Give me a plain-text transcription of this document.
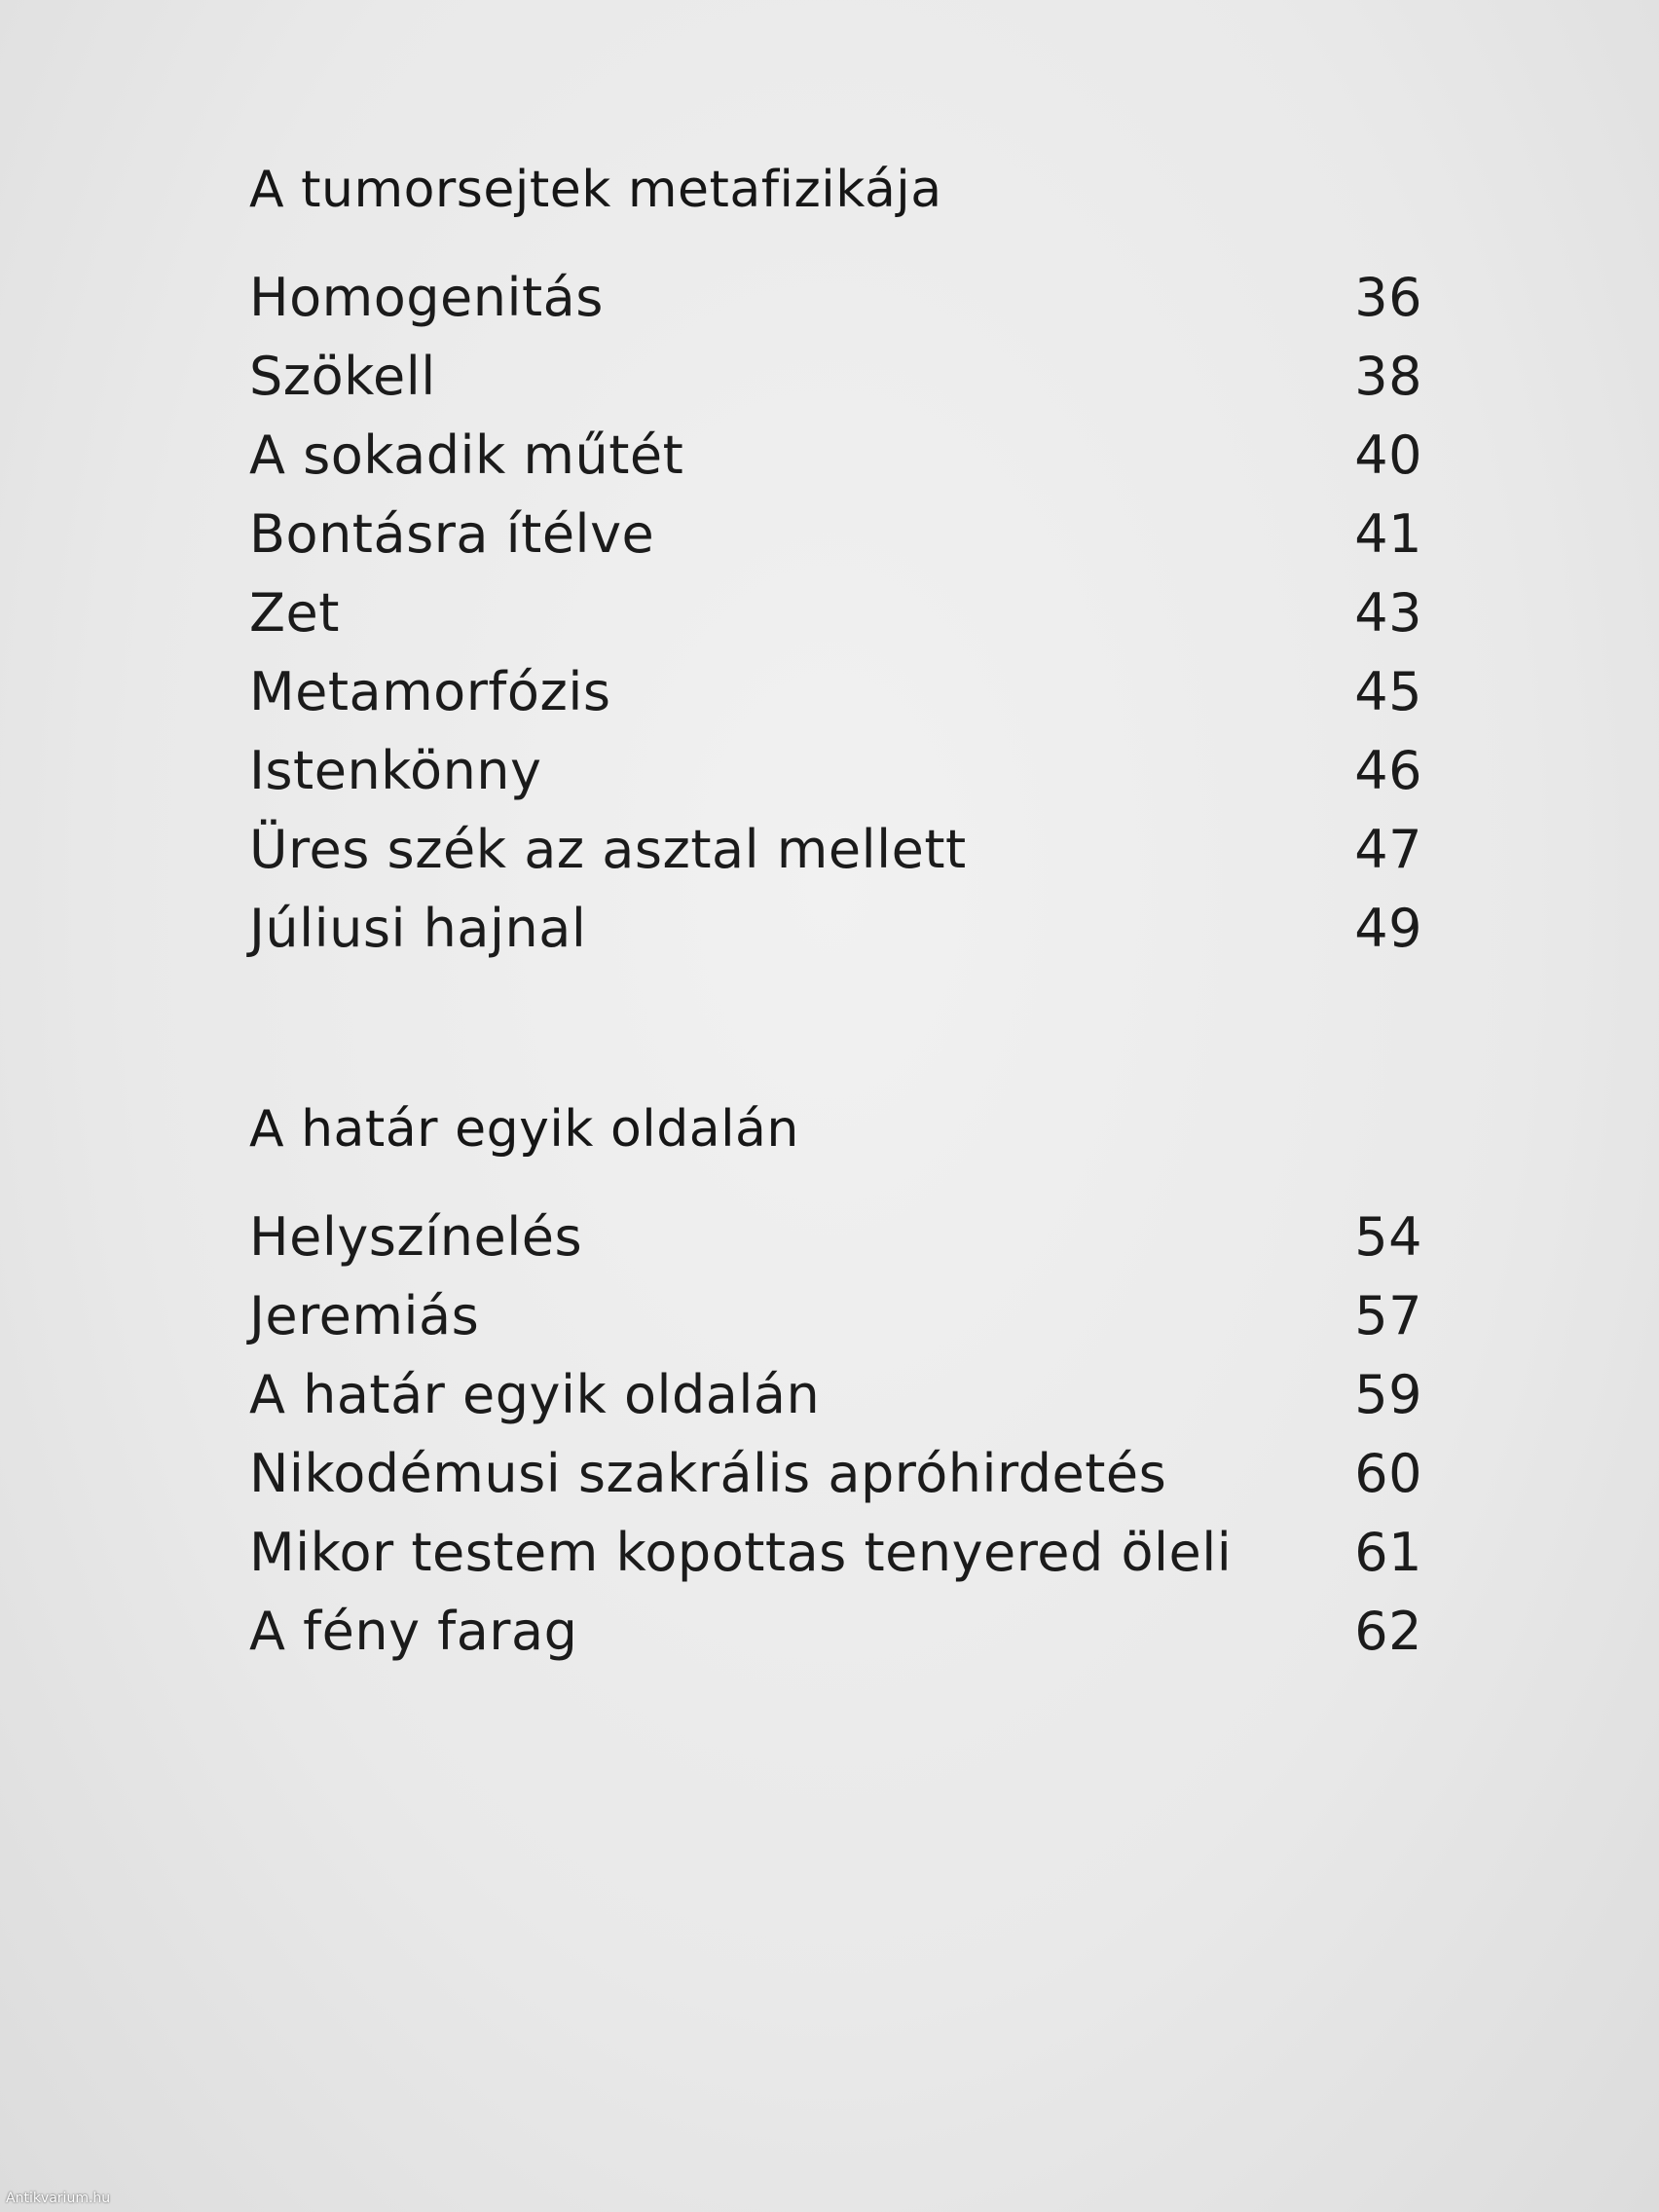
A tumorsejtek metafizikája
Homogenitás	36
Szökell	38
A sokadik műtét	40
Bontásra ítélve	41
Zet	43
Metamorfózis	45
Istenkönny	46
Üres szék az asztal mellett	47
Júliusi hajnal	49
A határ egyik oldalán
Helyszínelés	54
Jeremiás	57
A határ egyik oldalán	59
Nikodémusi szakrális apróhirdetés	60
Mikor testem kopottas tenyered öleli	61
A fény farag	62
Antikvarium.hu
